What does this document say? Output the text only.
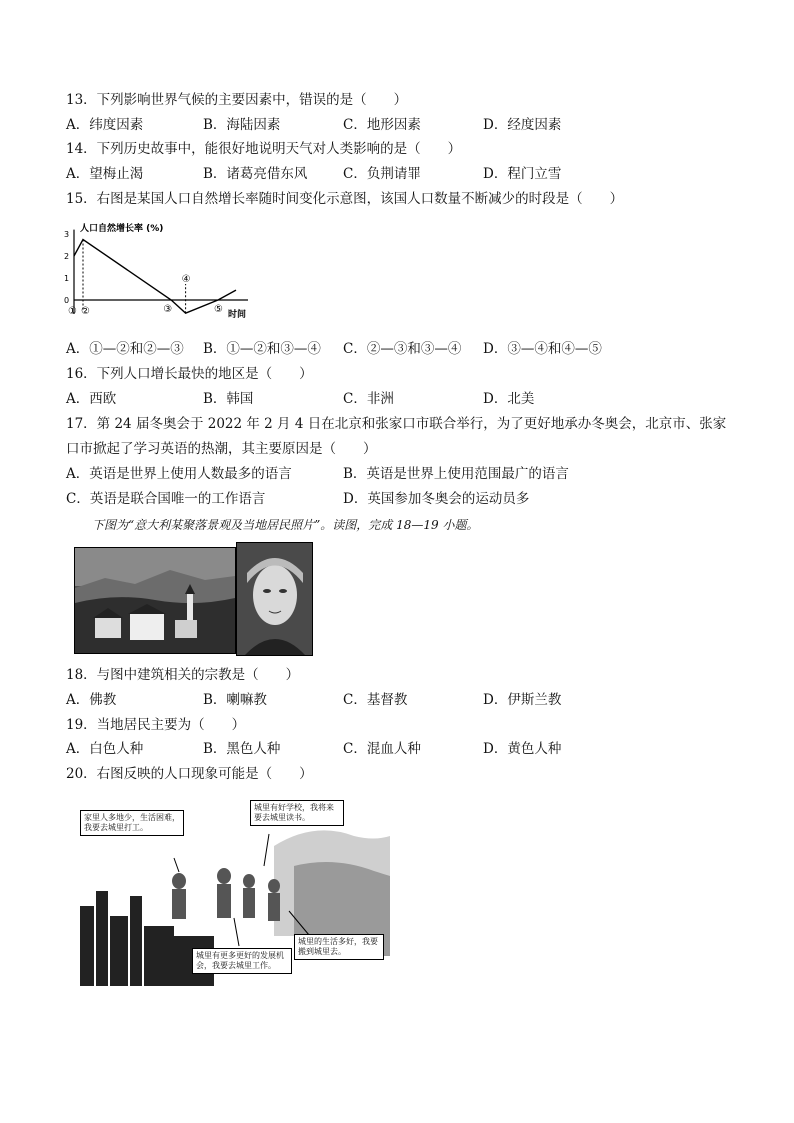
13．下列影响世界气候的主要因素中，错误的是（　　）
A．纬度因素	B．海陆因素	C．地形因素	D．经度因素
14．下列历史故事中，能很好地说明天气对人类影响的是（　　）
A．望梅止渴	B．诸葛亮借东风	C．负荆请罪	D．程门立雪
15．右图是某国人口自然增长率随时间变化示意图，该国人口数量不断减少的时段是（　　）
人口自然增长率 (%)
时间
3
2
1
0
① ②	③
④
⑤
A．①—②和②—③ B．①—②和③—④ C．②—③和③—④ D．③—④和④—⑤
16．下列人口增长最快的地区是（　　）
A．西欧	B．韩国	C．非洲	D．北美
17．第 24 届冬奥会于 2022 年 2 月 4 日在北京和张家口市联合举行，为了更好地承办冬奥会，北京市、张家
口市掀起了学习英语的热潮，其主要原因是（　　）
A．英语是世界上使用人数最多的语言	B．英语是世界上使用范围最广的语言
C．英语是联合国唯一的工作语言	D．英国参加冬奥会的运动员多
下图为“意大利某聚落景观及当地居民照片”。读图，完成 18—19 小题。
18．与图中建筑相关的宗教是（　　）
A．佛教	B．喇嘛教	C．基督教	D．伊斯兰教
19．当地居民主要为（　　）
A．白色人种	B．黑色人种	C．混血人种	D．黄色人种
20．右图反映的人口现象可能是（　　）
家里人多地少，生活困难，我要去城里打工。
城里有好学校，我将来要去城里读书。
城里有更多更好的发展机会，我要去城里工作。
城里的生活多好，我要搬到城里去。
